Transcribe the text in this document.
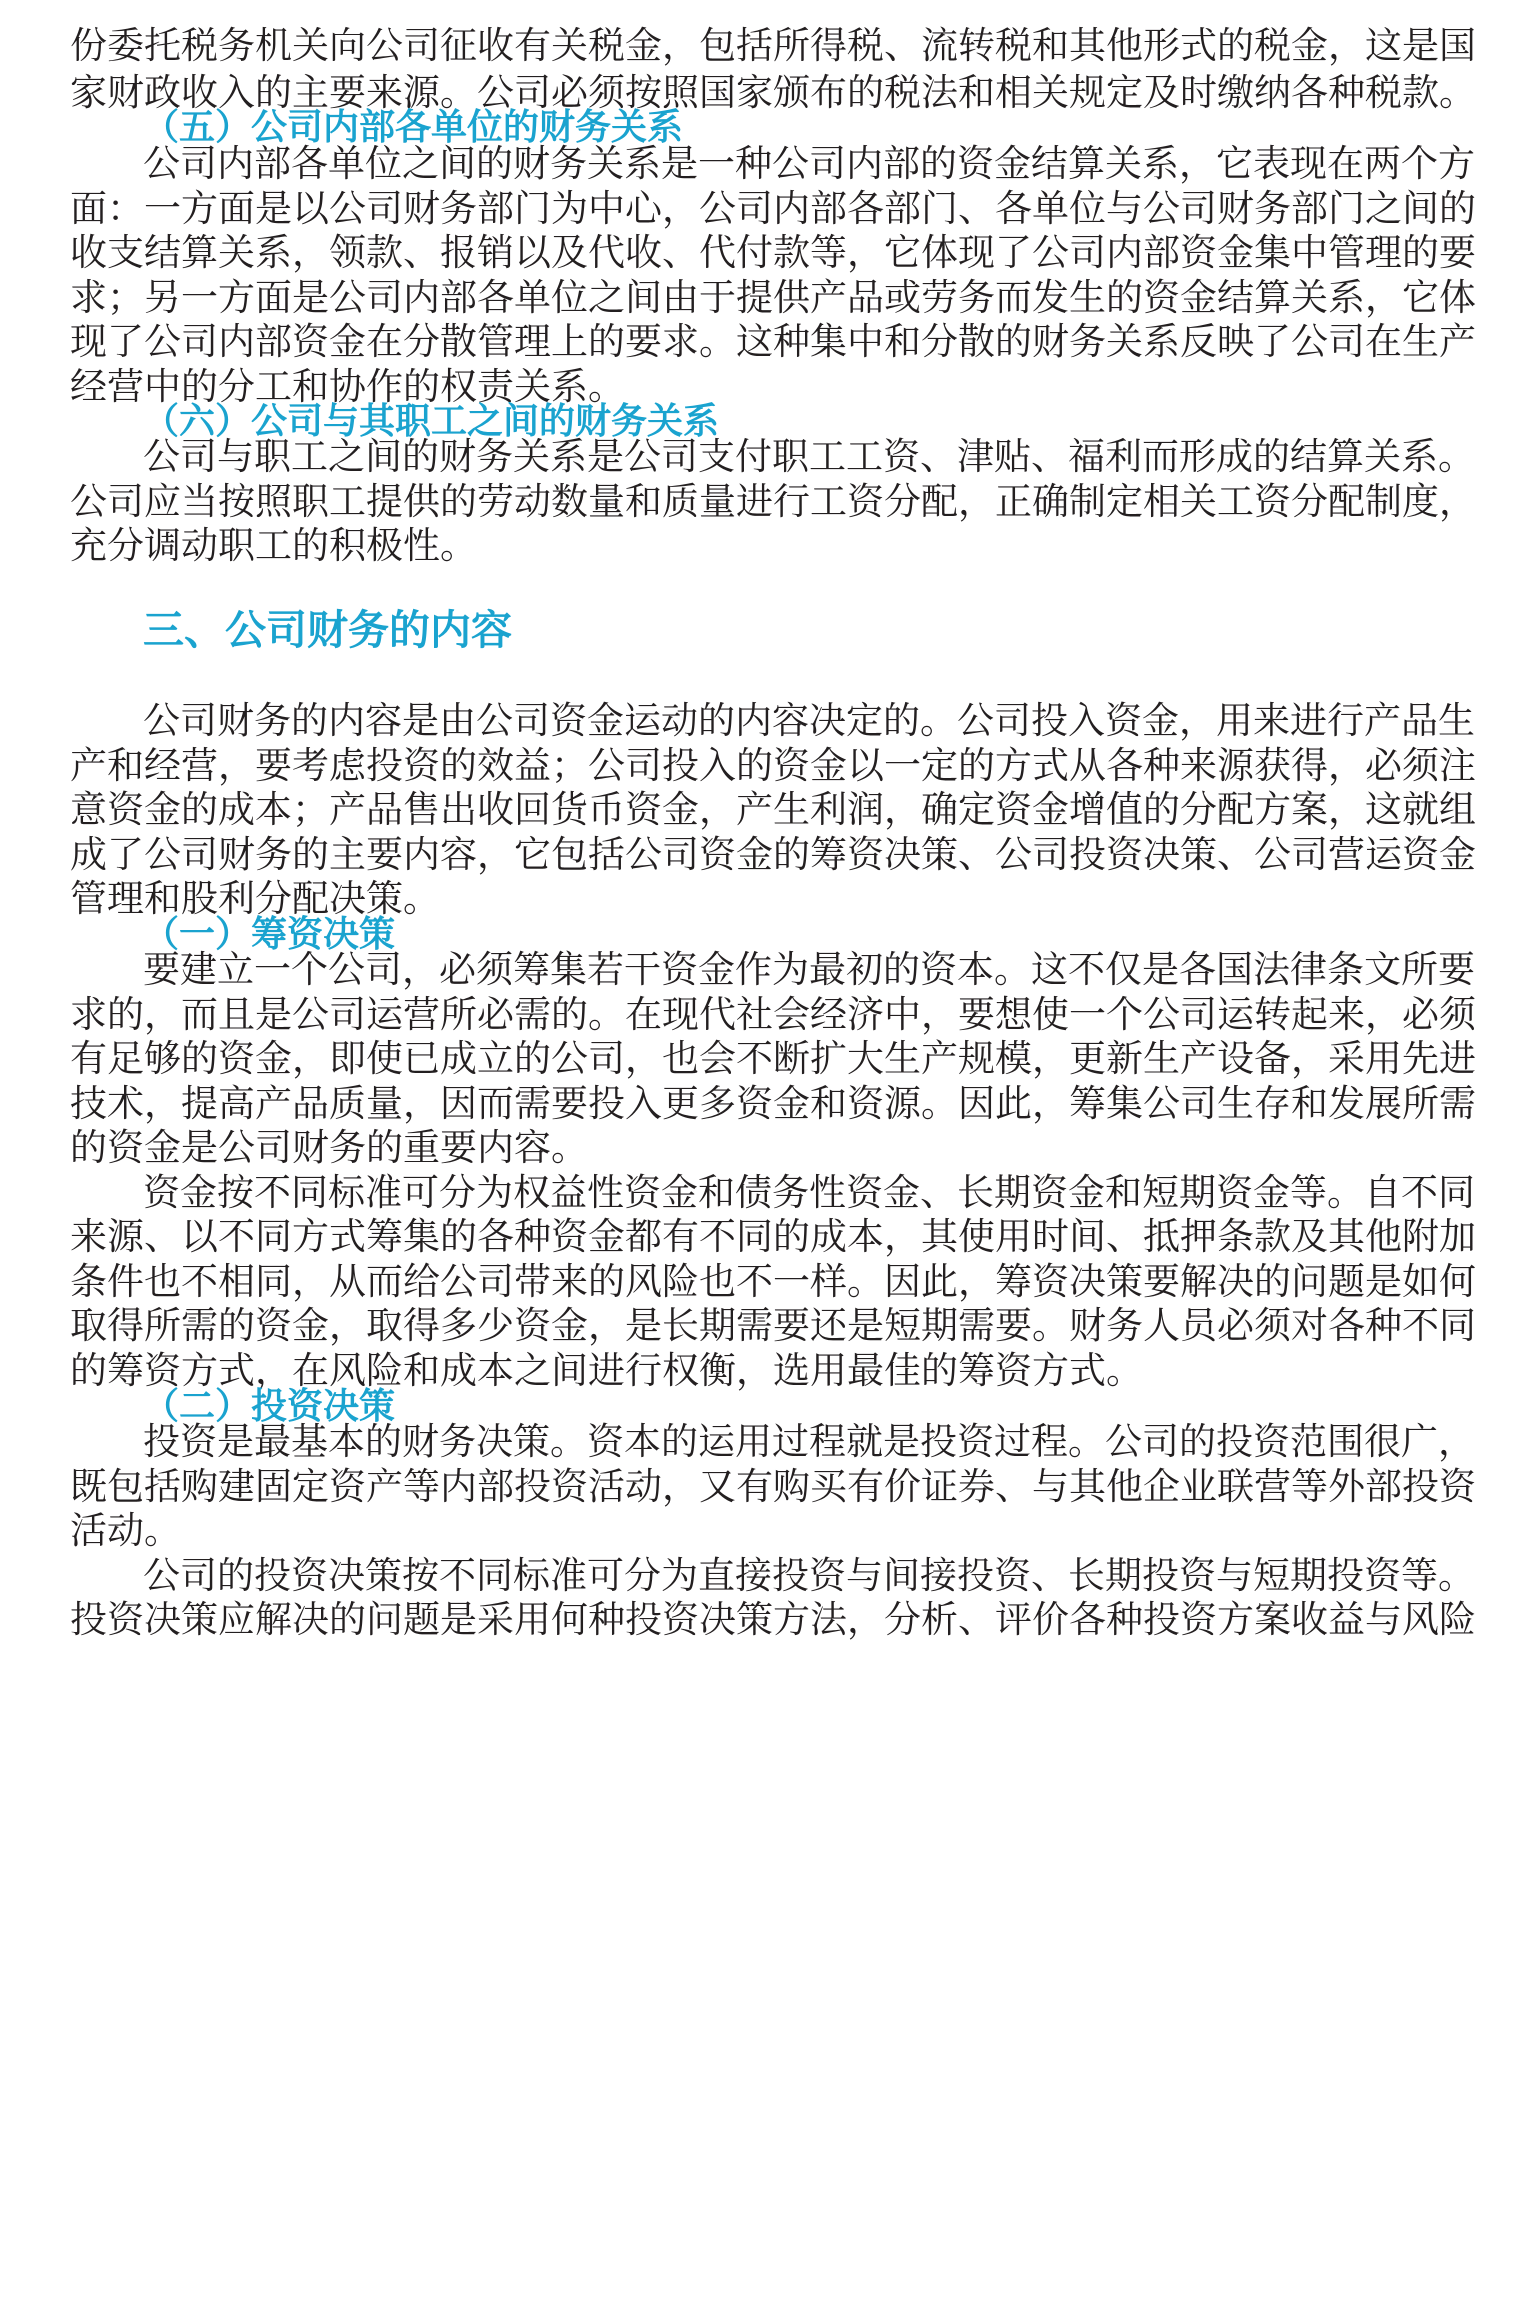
份委托税务机关向公司征收有关税金，包括所得税、流转税和其他形式的税金，这是国
家财政收入的主要来源。公司必须按照国家颁布的税法和相关规定及时缴纳各种税款。
（五）公司内部各单位的财务关系
公司内部各单位之间的财务关系是一种公司内部的资金结算关系，它表现在两个方
面：一方面是以公司财务部门为中心，公司内部各部门、各单位与公司财务部门之间的
收支结算关系，领款、报销以及代收、代付款等，它体现了公司内部资金集中管理的要
求；另一方面是公司内部各单位之间由于提供产品或劳务而发生的资金结算关系，它体
现了公司内部资金在分散管理上的要求。这种集中和分散的财务关系反映了公司在生产
经营中的分工和协作的权责关系。
（六）公司与其职工之间的财务关系
公司与职工之间的财务关系是公司支付职工工资、津贴、福利而形成的结算关系。
公司应当按照职工提供的劳动数量和质量进行工资分配，正确制定相关工资分配制度，
充分调动职工的积极性。
三、公司财务的内容
公司财务的内容是由公司资金运动的内容决定的。公司投入资金，用来进行产品生
产和经营，要考虑投资的效益；公司投入的资金以一定的方式从各种来源获得，必须注
意资金的成本；产品售出收回货币资金，产生利润，确定资金增值的分配方案，这就组
成了公司财务的主要内容，它包括公司资金的筹资决策、公司投资决策、公司营运资金
管理和股利分配决策。
（一）筹资决策
要建立一个公司，必须筹集若干资金作为最初的资本。这不仅是各国法律条文所要
求的，而且是公司运营所必需的。在现代社会经济中，要想使一个公司运转起来，必须
有足够的资金，即使已成立的公司，也会不断扩大生产规模，更新生产设备，采用先进
技术，提高产品质量，因而需要投入更多资金和资源。因此，筹集公司生存和发展所需
的资金是公司财务的重要内容。
资金按不同标准可分为权益性资金和债务性资金、长期资金和短期资金等。自不同
来源、以不同方式筹集的各种资金都有不同的成本，其使用时间、抵押条款及其他附加
条件也不相同，从而给公司带来的风险也不一样。因此，筹资决策要解决的问题是如何
取得所需的资金，取得多少资金，是长期需要还是短期需要。财务人员必须对各种不同
的筹资方式，在风险和成本之间进行权衡，选用最佳的筹资方式。
（二）投资决策
投资是最基本的财务决策。资本的运用过程就是投资过程。公司的投资范围很广，
既包括购建固定资产等内部投资活动，又有购买有价证券、与其他企业联营等外部投资
活动。
公司的投资决策按不同标准可分为直接投资与间接投资、长期投资与短期投资等。
投资决策应解决的问题是采用何种投资决策方法，分析、评价各种投资方案收益与风险
